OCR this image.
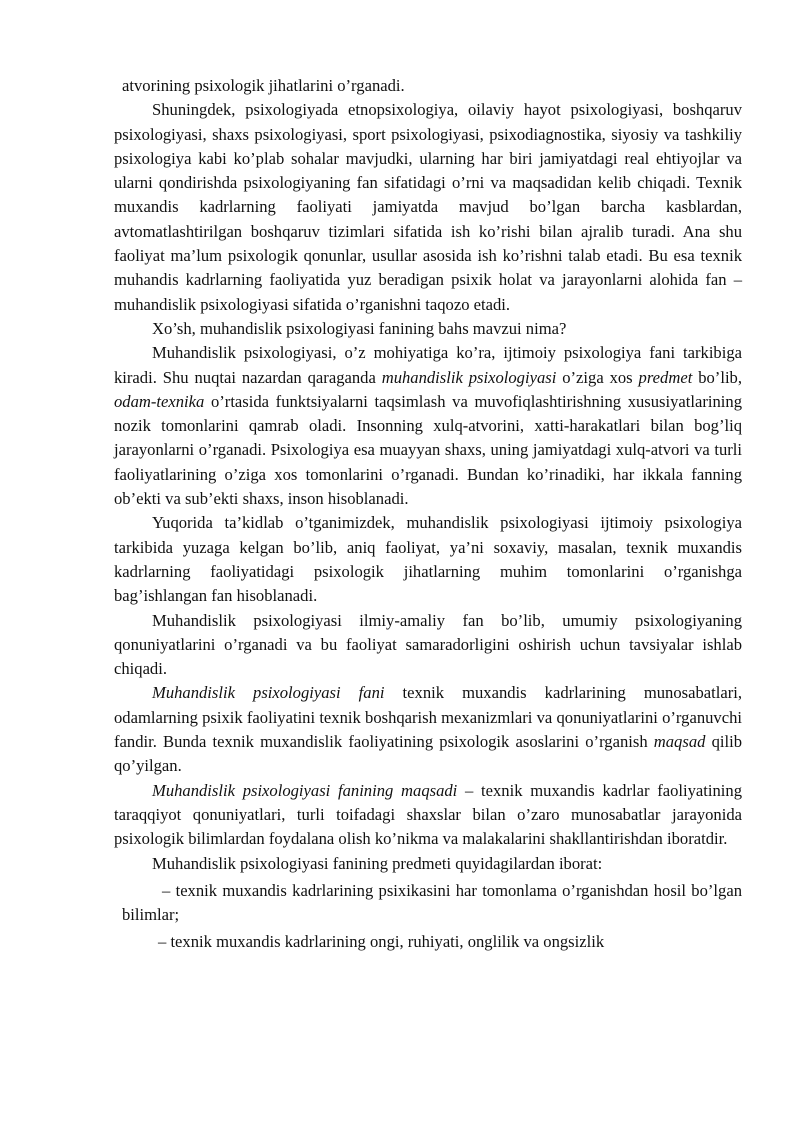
atvorining psixologik jihatlarini o’rganadi.

Shuningdek, psixologiyada etnopsixologiya, oilaviy hayot psixologiyasi, boshqaruv psixologiyasi, shaxs psixologiyasi, sport psixologiyasi, psixodiagnostika, siyosiy va tashkiliy psixologiya kabi ko’plab sohalar mavjudki, ularning har biri jamiyatdagi real ehtiyojlar va ularni qondirishda psixologiyaning fan sifatidagi o’rni va maqsadidan kelib chiqadi. Texnik muxandis kadrlarning faoliyati jamiyatda mavjud bo’lgan barcha kasblardan, avtomatlashtirilgan boshqaruv tizimlari sifatida ish ko’rishi bilan ajralib turadi. Ana shu faoliyat ma’lum psixologik qonunlar, usullar asosida ish ko’rishni talab etadi. Bu esa texnik muhandis kadrlarning faoliyatida yuz beradigan psixik holat va jarayonlarni alohida fan – muhandislik psixologiyasi sifatida o’rganishni taqozo etadi.

Xo’sh, muhandislik psixologiyasi fanining bahs mavzui nima?

Muhandislik psixologiyasi, o’z mohiyatiga ko’ra, ijtimoiy psixologiya fani tarkibiga kiradi. Shu nuqtai nazardan qaraganda muhandislik psixologiyasi o’ziga xos predmet bo’lib, odam-texnika o’rtasida funktsiyalarni taqsimlash va muvofiqlashtirishning xususiyatlarining nozik tomonlarini qamrab oladi. Insonning xulq-atvorini, xatti-harakatlari bilan bog’liq jarayonlarni o’rganadi. Psixologiya esa muayyan shaxs, uning jamiyatdagi xulq-atvori va turli faoliyatlarining o’ziga xos tomonlarini o’rganadi. Bundan ko’rinadiki, har ikkala fanning ob’ekti va sub’ekti shaxs, inson hisoblanadi.

Yuqorida ta’kidlab o’tganimizdek, muhandislik psixologiyasi ijtimoiy psixologiya tarkibida yuzaga kelgan bo’lib, aniq faoliyat, ya’ni soxaviy, masalan, texnik muxandis kadrlarning faoliyatidagi psixologik jihatlarning muhim tomonlarini o’rganishga bag’ishlangan fan hisoblanadi.

Muhandislik psixologiyasi ilmiy-amaliy fan bo’lib, umumiy psixologiyaning qonuniyatlarini o’rganadi va bu faoliyat samaradorligini oshirish uchun tavsiyalar ishlab chiqadi.

Muhandislik psixologiyasi fani texnik muxandis kadrlarining munosabatlari, odamlarning psixik faoliyatini texnik boshqarish mexanizmlari va qonuniyatlarini o’rganuvchi fandir. Bunda texnik muxandislik faoliyatining psixologik asoslarini o’rganish maqsad qilib qo’yilgan.

Muhandislik psixologiyasi fanining maqsadi – texnik muxandis kadrlar faoliyatining taraqqiyot qonuniyatlari, turli toifadagi shaxslar bilan o’zaro munosabatlar jarayonida psixologik bilimlardan foydalana olish ko’nikma va malakalarini shakllantirishdan iboratdir.

Muhandislik psixologiyasi fanining predmeti quyidagilardan iborat:

– texnik muxandis kadrlarining psixikasini har tomonlama o’rganishdan hosil bo’lgan bilimlar;

– texnik muxandis kadrlarining ongi, ruhiyati, onglilik va ongsizlik
